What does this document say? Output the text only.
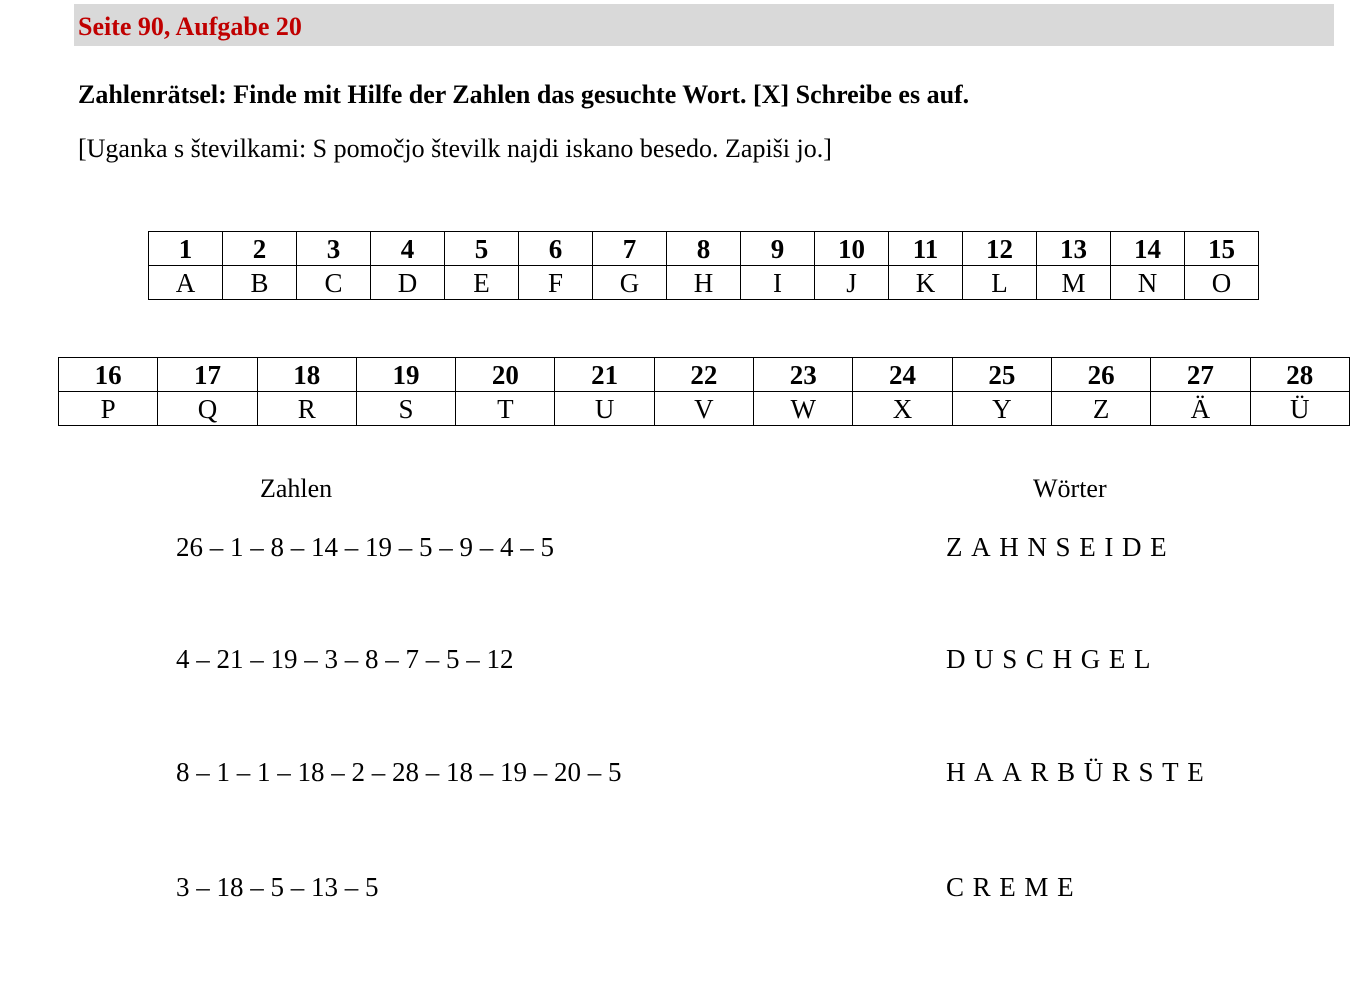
Seite 90, Aufgabe 20
Zahlenrätsel: Finde mit Hilfe der Zahlen das gesuchte Wort. [X] Schreibe es auf.
[Uganka s številkami: S pomočjo številk najdi iskano besedo. Zapiši jo.]
1	2	3	4	5	6	7	8	9	10	11	12	13	14	15
A	B	C	D	E	F	G	H	I	J	K	L	M	N	O
16	17	18	19	20	21	22	23	24	25	26	27	28
P	Q	R	S	T	U	V	W	X	Y	Z	Ä	Ü
Zahlen	Wörter
26 – 1 – 8 – 14 – 19 – 5 – 9 – 4 – 5	ZAHNSEIDE
4 – 21 – 19 – 3 – 8 – 7 – 5 – 12	DUSCHGEL
8 – 1 – 1 – 18 – 2 – 28 – 18 – 19 – 20 – 5	HAARBÜRSTE
3 – 18 – 5 – 13 – 5	CREME
